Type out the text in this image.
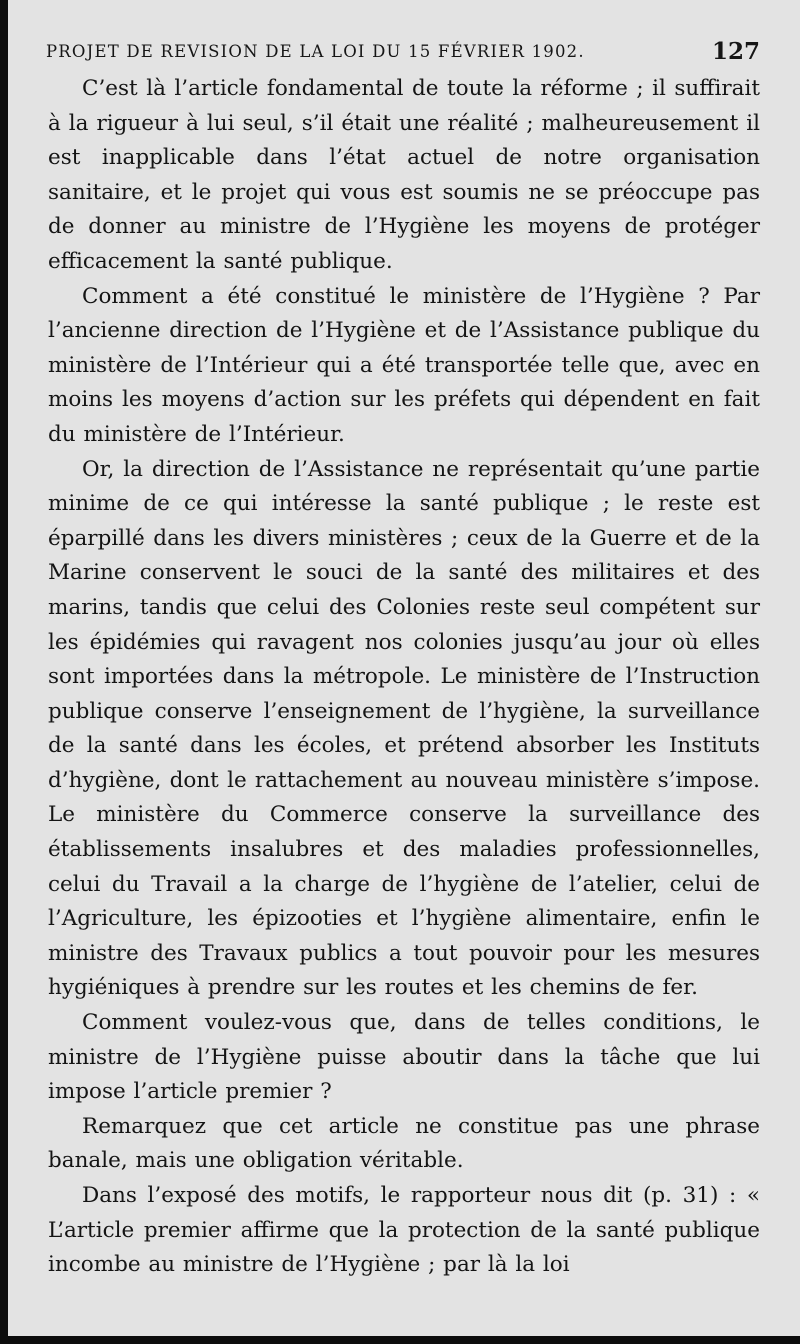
PROJET DE REVISION DE LA LOI DU 15 FÉVRIER 1902.	127

C’est là l’article fondamental de toute la réforme ; il suffirait à la rigueur à lui seul, s’il était une réalité ; malheureusement il est inapplicable dans l’état actuel de notre organisation sanitaire, et le projet qui vous est soumis ne se préoccupe pas de donner au ministre de l’Hygiène les moyens de protéger efficacement la santé publique.

Comment a été constitué le ministère de l’Hygiène ? Par l’ancienne direction de l’Hygiène et de l’Assistance publique du ministère de l’Intérieur qui a été transportée telle que, avec en moins les moyens d’action sur les préfets qui dépendent en fait du ministère de l’Intérieur.

Or, la direction de l’Assistance ne représentait qu’une partie minime de ce qui intéresse la santé publique ; le reste est éparpillé dans les divers ministères ; ceux de la Guerre et de la Marine conservent le souci de la santé des militaires et des marins, tandis que celui des Colonies reste seul compétent sur les épidémies qui ravagent nos colonies jusqu’au jour où elles sont importées dans la métropole. Le ministère de l’Instruction publique conserve l’enseignement de l’hygiène, la surveillance de la santé dans les écoles, et prétend absorber les Instituts d’hygiène, dont le rattachement au nouveau ministère s’impose. Le ministère du Commerce conserve la surveillance des établissements insalubres et des maladies professionnelles, celui du Travail a la charge de l’hygiène de l’atelier, celui de l’Agriculture, les épizooties et l’hygiène alimentaire, enfin le ministre des Travaux publics a tout pouvoir pour les mesures hygiéniques à prendre sur les routes et les chemins de fer.

Comment voulez-vous que, dans de telles conditions, le ministre de l’Hygiène puisse aboutir dans la tâche que lui impose l’article premier ?

Remarquez que cet article ne constitue pas une phrase banale, mais une obligation véritable.

Dans l’exposé des motifs, le rapporteur nous dit (p. 31) : « L’article premier affirme que la protection de la santé publique incombe au ministre de l’Hygiène ; par là la loi
